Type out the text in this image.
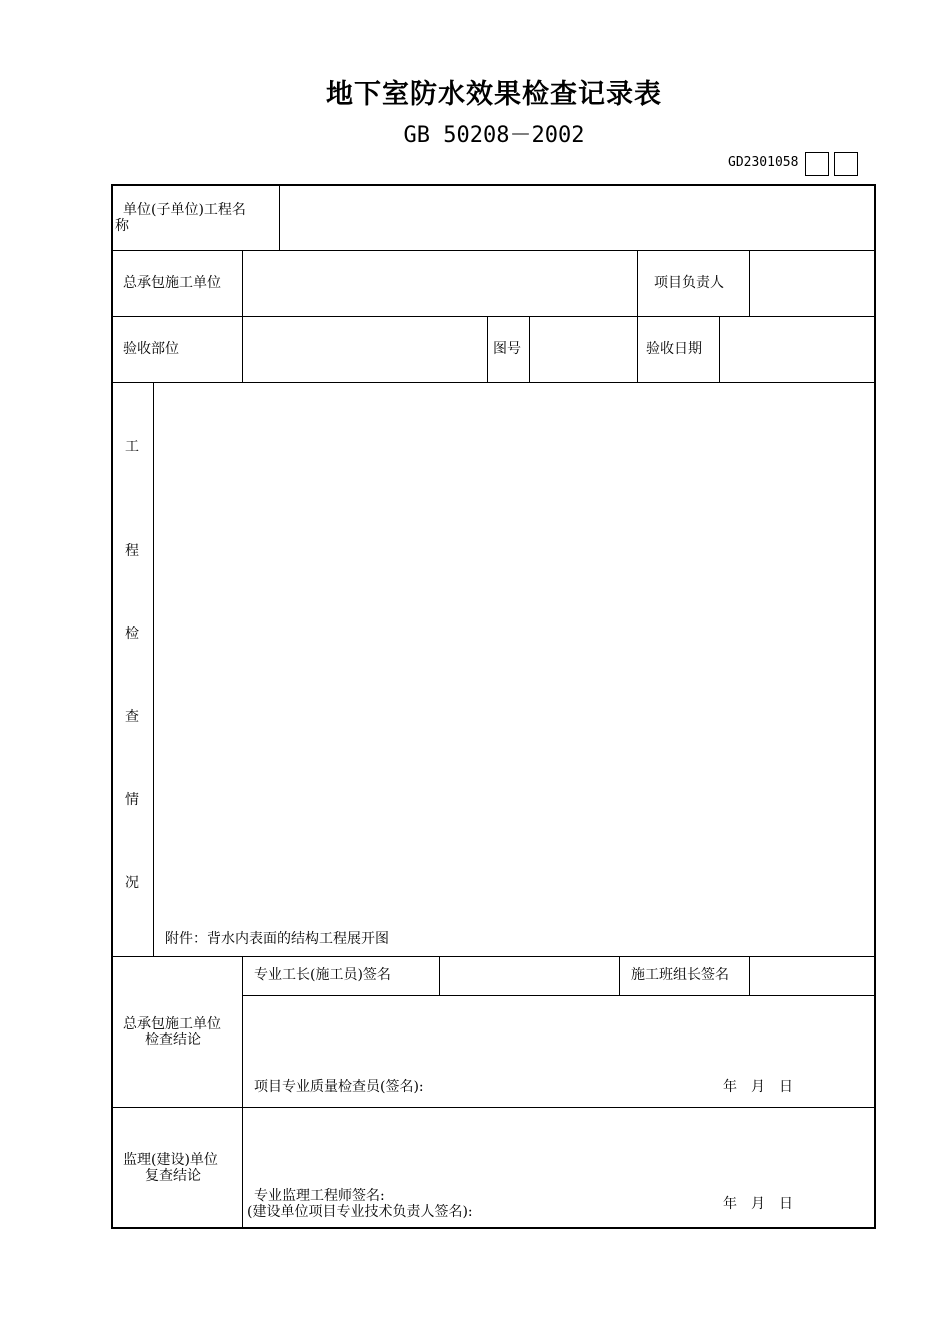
地下室防水效果检查记录表
GB 50208－2002
GD2301058
单位(子单位)工程名
称
总承包施工单位	项目负责人
验收部位	图号	验收日期
工
程
检
查
情
况
附件：背水内表面的结构工程展开图
总承包施工单位
检查结论
专业工长(施工员)签名	施工班组长签名
项目专业质量检查员(签名):	年　月　日
监理(建设)单位
复查结论
专业监理工程师签名:
(建设单位项目专业技术负责人签名):	年　月　日
